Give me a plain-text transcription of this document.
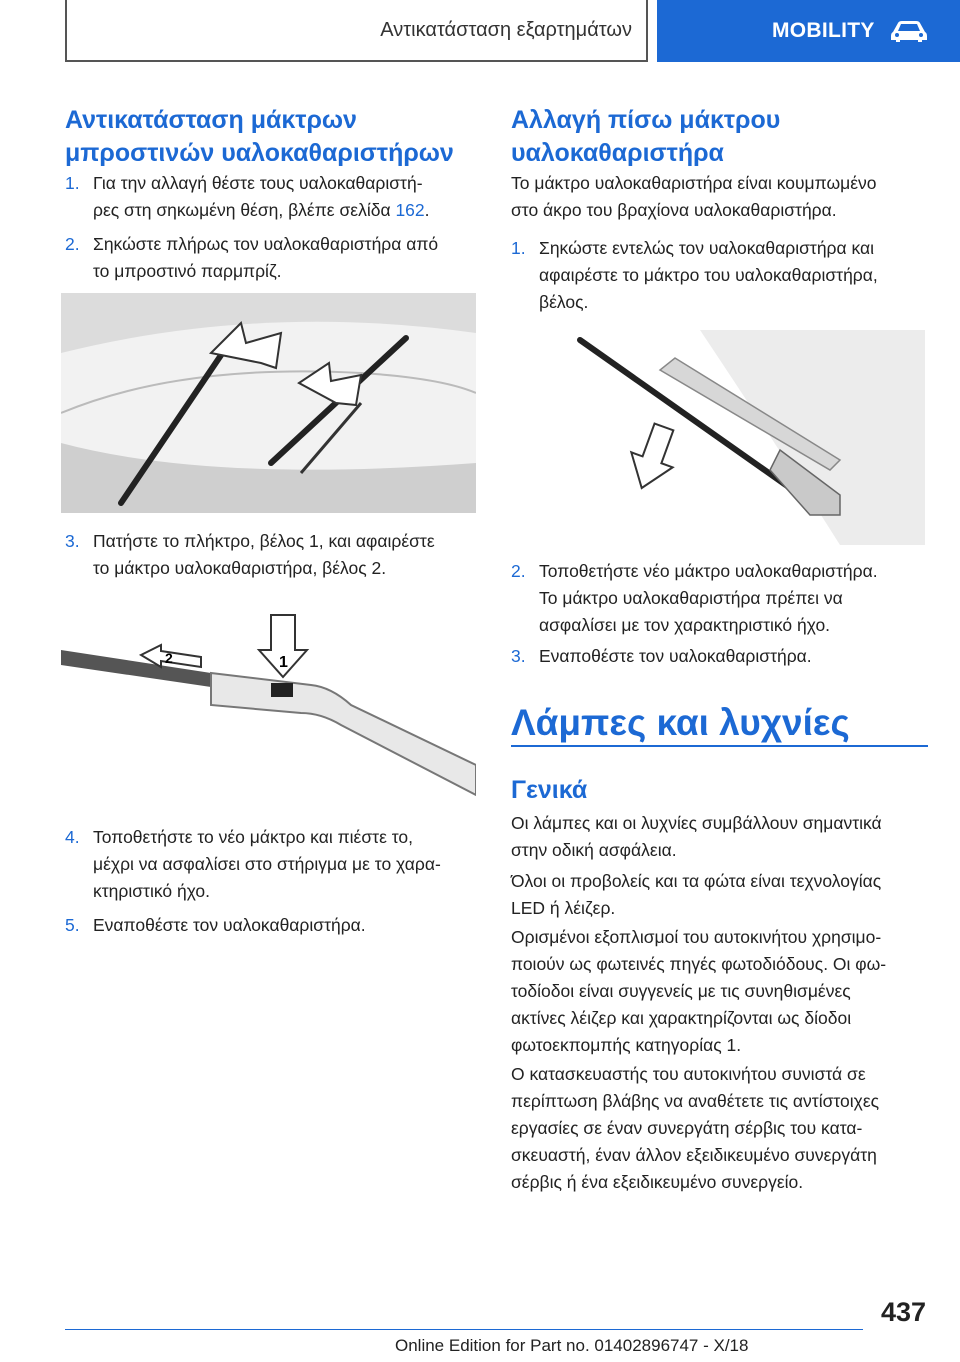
Αντικατάσταση εξαρτημάτων	MOBILITY
Αντικατάσταση μάκτρων
μπροστινών υαλοκαθαριστήρων
1. Για την αλλαγή θέστε τους υαλοκαθαριστή‐
ρες στη σηκωμένη θέση, βλέπε σελίδα 162.
2. Σηκώστε πλήρως τον υαλοκαθαριστήρα από
το μπροστινό παρμπρίζ.
3. Πατήστε το πλήκτρο, βέλος 1, και αφαιρέστε
το μάκτρο υαλοκαθαριστήρα, βέλος 2.
2	1
4. Τοποθετήστε το νέο μάκτρο και πιέστε το,
μέχρι να ασφαλίσει στο στήριγμα με το χαρα‐
κτηριστικό ήχο.
5. Εναποθέστε τον υαλοκαθαριστήρα.
Αλλαγή πίσω μάκτρου
υαλοκαθαριστήρα

Το μάκτρο υαλοκαθαριστήρα είναι κουμπωμένο
στο άκρο του βραχίονα υαλοκαθαριστήρα.

1. Σηκώστε εντελώς τον υαλοκαθαριστήρα και
αφαιρέστε το μάκτρο του υαλοκαθαριστήρα,
βέλος.
2. Τοποθετήστε νέο μάκτρο υαλοκαθαριστήρα.
Το μάκτρο υαλοκαθαριστήρα πρέπει να
ασφαλίσει με τον χαρακτηριστικό ήχο.
3. Εναποθέστε τον υαλοκαθαριστήρα.
Λάμπες και λυχνίες
Γενικά

Οι λάμπες και οι λυχνίες συμβάλλουν σημαντικά
στην οδική ασφάλεια.

Όλοι οι προβολείς και τα φώτα είναι τεχνολογίας
LED ή λέιζερ.

Ορισμένοι εξοπλισμοί του αυτοκινήτου χρησιμο‐
ποιούν ως φωτεινές πηγές φωτοδιόδους. Οι φω‐
τοδίοδοι είναι συγγενείς με τις συνηθισμένες
ακτίνες λέιζερ και χαρακτηρίζονται ως δίοδοι
φωτοεκπομπής κατηγορίας 1.

Ο κατασκευαστής του αυτοκινήτου συνιστά σε
περίπτωση βλάβης να αναθέτετε τις αντίστοιχες
εργασίες σε έναν συνεργάτη σέρβις του κατα‐
σκευαστή, έναν άλλον εξειδικευμένο συνεργάτη
σέρβις ή ένα εξειδικευμένο συνεργείο.

437
Online Edition for Part no. 01402896747 - X/18
